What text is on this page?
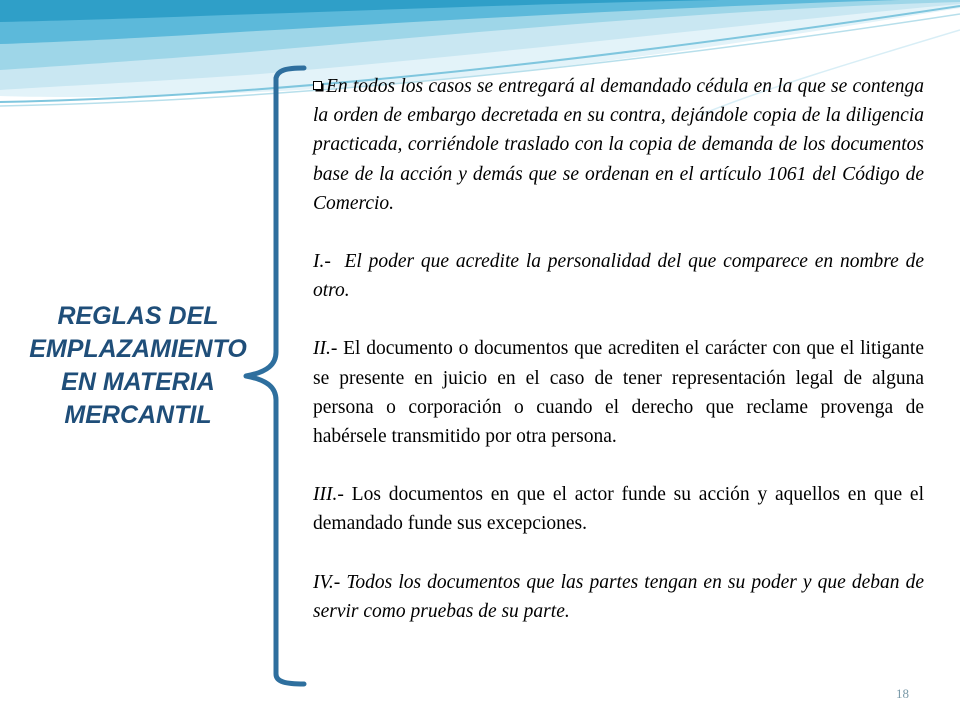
REGLAS DEL
EMPLAZAMIENTO
EN MATERIA
MERCANTIL

En todos los casos se entregará al demandado cédula en la que se contenga la orden de embargo decretada en su contra, dejándole copia de la diligencia practicada, corriéndole traslado con la copia de demanda de los documentos base de la acción y demás que se ordenan en el artículo 1061 del Código de Comercio.

I.- El poder que acredite la personalidad del que comparece en nombre de otro.

II.- El documento o documentos que acrediten el carácter con que el litigante se presente en juicio en el caso de tener representación legal de alguna persona o corporación o cuando el derecho que reclame provenga de habérsele transmitido por otra persona.

III.- Los documentos en que el actor funde su acción y aquellos en que el demandado funde sus excepciones.

IV.- Todos los documentos que las partes tengan en su poder y que deban de servir como pruebas de su parte.

18
